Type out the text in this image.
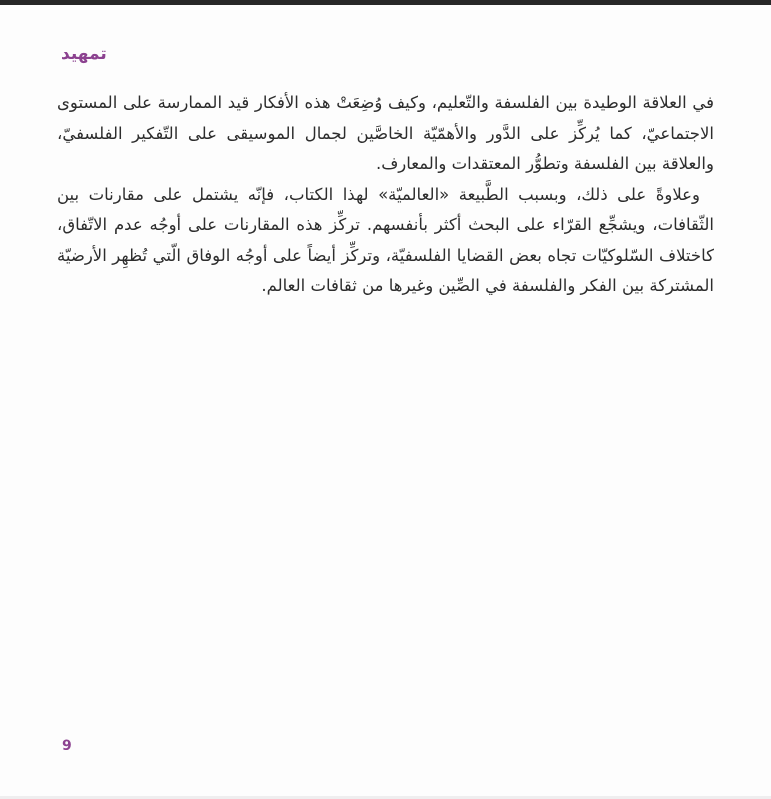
تمهيد

في العلاقة الوطيدة بين الفلسفة والتّعليم، وكيف وُضِعَتْ هذه الأفكار قيد الممارسة على المستوى الاجتماعيّ، كما يُركِّز على الدَّور والأهمّيّة الخاصَّين لجمال الموسيقى على التّفكير الفلسفيّ، والعلاقة بين الفلسفة وتطوُّر المعتقدات والمعارف.

وعلاوةً على ذلك، وبسبب الطَّبيعة «العالميّة» لهذا الكتاب، فإنّه يشتمل على مقارنات بين الثّقافات، ويشجِّع القرّاء على البحث أكثر بأنفسهم. تركِّز هذه المقارنات على أوجُه عدم الاتّفاق، كاختلاف السّلوكيّات تجاه بعض القضايا الفلسفيّة، وتركِّز أيضاً على أوجُه الوفاق الّتي تُظهِر الأرضيّة المشتركة بين الفكر والفلسفة في الصِّين وغيرها من ثقافات العالم.

9
